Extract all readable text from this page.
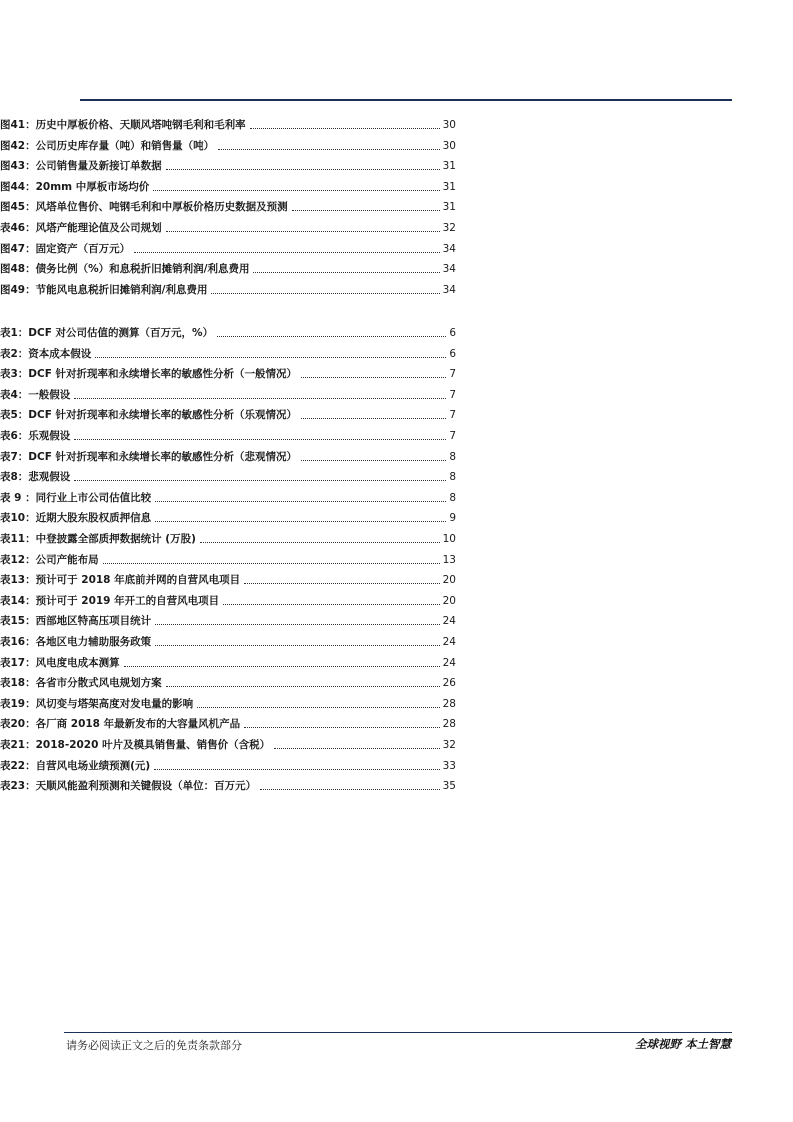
图41：历史中厚板价格、天顺风塔吨钢毛利和毛利率	30
图42：公司历史库存量（吨）和销售量（吨）	30
图43：公司销售量及新接订单数据	31
图44：20mm 中厚板市场均价	31
图45：风塔单位售价、吨钢毛利和中厚板价格历史数据及预测	31
表46：风塔产能理论值及公司规划	32
图47：固定资产（百万元）	34
图48：债务比例（%）和息税折旧摊销利润/利息费用	34
图49：节能风电息税折旧摊销利润/利息费用	34
表1：DCF 对公司估值的测算（百万元，%）	6
表2：资本成本假设	6
表3：DCF 针对折现率和永续增长率的敏感性分析（一般情况）	7
表4：一般假设	7
表5：DCF 针对折现率和永续增长率的敏感性分析（乐观情况）	7
表6：乐观假设	7
表7：DCF 针对折现率和永续增长率的敏感性分析（悲观情况）	8
表8：悲观假设	8
表 9 ：同行业上市公司估值比较	8
表10：近期大股东股权质押信息	9
表11：中登披露全部质押数据统计 (万股)	10
表12：公司产能布局	13
表13：预计可于 2018 年底前并网的自营风电项目	20
表14：预计可于 2019 年开工的自营风电项目	20
表15：西部地区特高压项目统计	24
表16：各地区电力辅助服务政策	24
表17：风电度电成本测算	24
表18：各省市分散式风电规划方案	26
表19：风切变与塔架高度对发电量的影响	28
表20：各厂商 2018 年最新发布的大容量风机产品	28
表21：2018-2020 叶片及模具销售量、销售价（含税）	32
表22：自营风电场业绩预测(元)	33
表23：天顺风能盈利预测和关键假设（单位：百万元）	35
请务必阅读正文之后的免责条款部分	全球视野 本土智慧
